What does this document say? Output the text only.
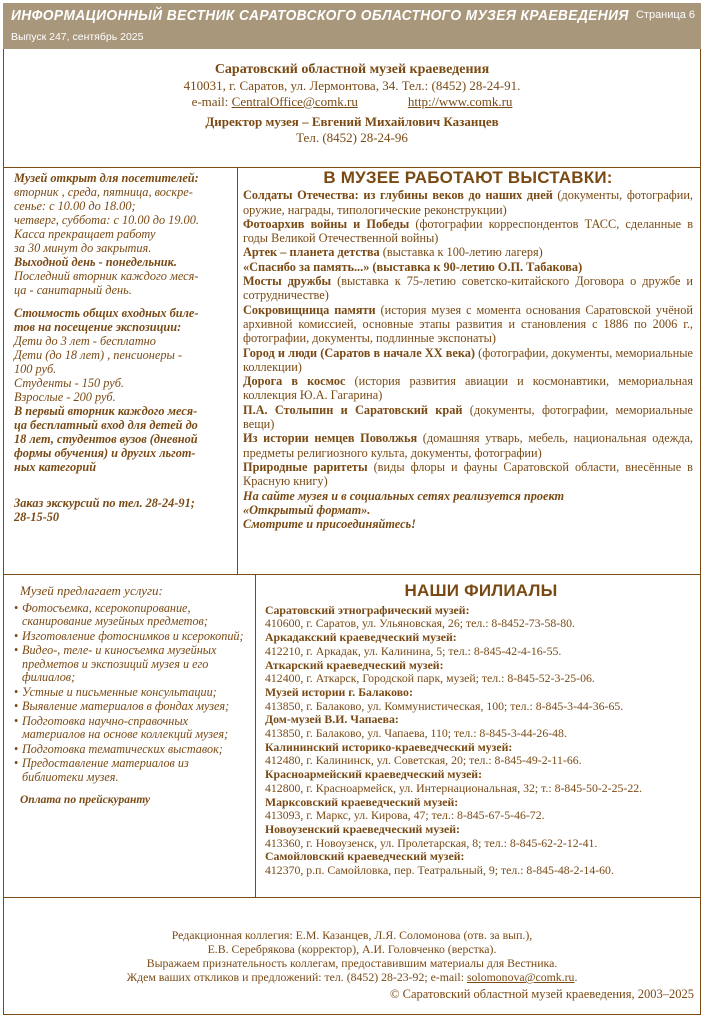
ИНФОРМАЦИОННЫЙ ВЕСТНИК САРАТОВСКОГО ОБЛАСТНОГО МУЗЕЯ КРАЕВЕДЕНИЯ
Выпуск 247, сентябрь 2025
Страница 6
Саратовский областной музей краеведения
410031, г. Саратов, ул. Лермонтова, 34. Тел.: (8452) 28-24-91.
e-mail: CentralOffice@comk.ru	http://www.comk.ru
Директор музея – Евгений Михайлович Казанцев
Тел. (8452) 28-24-96
Музей открыт для посетителей:
вторник , среда, пятница, воскре-
сенье: с 10.00 до 18.00;
четверг, суббота: с 10.00 до 19.00.
Касса прекращает работу
за 30 минут до закрытия.
Выходной день - понедельник.
Последний вторник каждого меся-
ца - санитарный день.
Стоимость общих входных биле-
тов на посещение экспозиции:
Дети до 3 лет - бесплатно
Дети (до 18 лет) , пенсионеры -
100 руб.
Студенты - 150 руб.
Взрослые - 200 руб.
В первый вторник каждого меся-
ца бесплатный вход для детей до
18 лет, студентов вузов (дневной
формы обучения) и других льгот-
ных категорий
Заказ экскурсий по тел. 28-24-91;
28-15-50
В МУЗЕЕ РАБОТАЮТ ВЫСТАВКИ:

Солдаты Отечества: из глубины веков до наших дней (документы, фотографии, оружие, награды, типологические реконструкции)

Фотоархив войны и Победы (фотографии корреспондентов ТАСС, сделанные в годы Великой Отечественной войны)

Артек – планета детства (выставка к 100-летию лагеря)

«Спасибо за память...» (выставка к 90-летию О.П. Табакова)

Мосты дружбы (выставка к 75-летию советско-китайского Договора о дружбе и сотрудничестве)

Сокровищница памяти (история музея с момента основания Саратовской учёной архивной комиссией, основные этапы развития и становления с 1886 по 2006 г., фотографии, документы, подлинные экспонаты)

Город и люди (Саратов в начале XX века) (фотографии, документы, мемориальные коллекции)

Дорога в космос (история развития авиации и космонавтики, мемориальная коллекция Ю.А. Гагарина)

П.А. Столыпин и Саратовский край (документы, фотографии, мемориальные вещи)

Из истории немцев Поволжья (домашняя утварь, мебель, национальная одежда, предметы религиозного культа, документы, фотографии)

Природные раритеты (виды флоры и фауны Саратовской области, внесённые в Красную книгу)

На сайте музея и в социальных сетях реализуется проект

«Открытый формат».

Смотрите и присоединяйтесь!

Музей предлагает услуги:
• Фотосъемка, ксерокопирование, сканирование музейных предметов;
• Изготовление фотоснимков и ксерокопий;
• Видео-, теле- и киносъемка музейных предметов и экспозиций музея и его филиалов;
• Устные и письменные консультации;
• Выявление материалов в фондах музея;
• Подготовка научно-справочных материалов на основе коллекций музея;
• Подготовка тематических выставок;
• Предоставление материалов из библиотеки музея.
Оплата по прейскуранту
НАШИ ФИЛИАЛЫ
Саратовский этнографический музей:
410600, г. Саратов, ул. Ульяновская, 26; тел.: 8-8452-73-58-80.
Аркадакский краеведческий музей:
412210, г. Аркадак, ул. Калинина, 5; тел.: 8-845-42-4-16-55.
Аткарский краеведческий музей:
412400, г. Аткарск, Городской парк, музей; тел.: 8-845-52-3-25-06.
Музей истории г. Балаково:
413850, г. Балаково, ул. Коммунистическая, 100; тел.: 8-845-3-44-36-65.
Дом-музей В.И. Чапаева:
413850, г. Балаково, ул. Чапаева, 110; тел.: 8-845-3-44-26-48.
Калининский историко-краеведческий музей:
412480, г. Калининск, ул. Советская, 20; тел.: 8-845-49-2-11-66.
Красноармейский краеведческий музей:
412800, г. Красноармейск, ул. Интернациональная, 32; т.: 8-845-50-2-25-22.
Марксовский краеведческий музей:
413093, г. Маркс, ул. Кирова, 47; тел.: 8-845-67-5-46-72.
Новоузенский краеведческий музей:
413360, г. Новоузенск, ул. Пролетарская, 8; тел.: 8-845-62-2-12-41.
Самойловский краеведческий музей:
412370, р.п. Самойловка, пер. Театральный, 9; тел.: 8-845-48-2-14-60.
Редакционная коллегия: Е.М. Казанцев, Л.Я. Соломонова (отв. за вып.),
Е.В. Серебрякова (корректор), А.И. Головченко (верстка).
Выражаем признательность коллегам, предоставившим материалы для Вестника.
Ждем ваших откликов и предложений: тел. (8452) 28-23-92; e-mail: solomonova@comk.ru.
© Саратовский областной музей краеведения, 2003–2025
